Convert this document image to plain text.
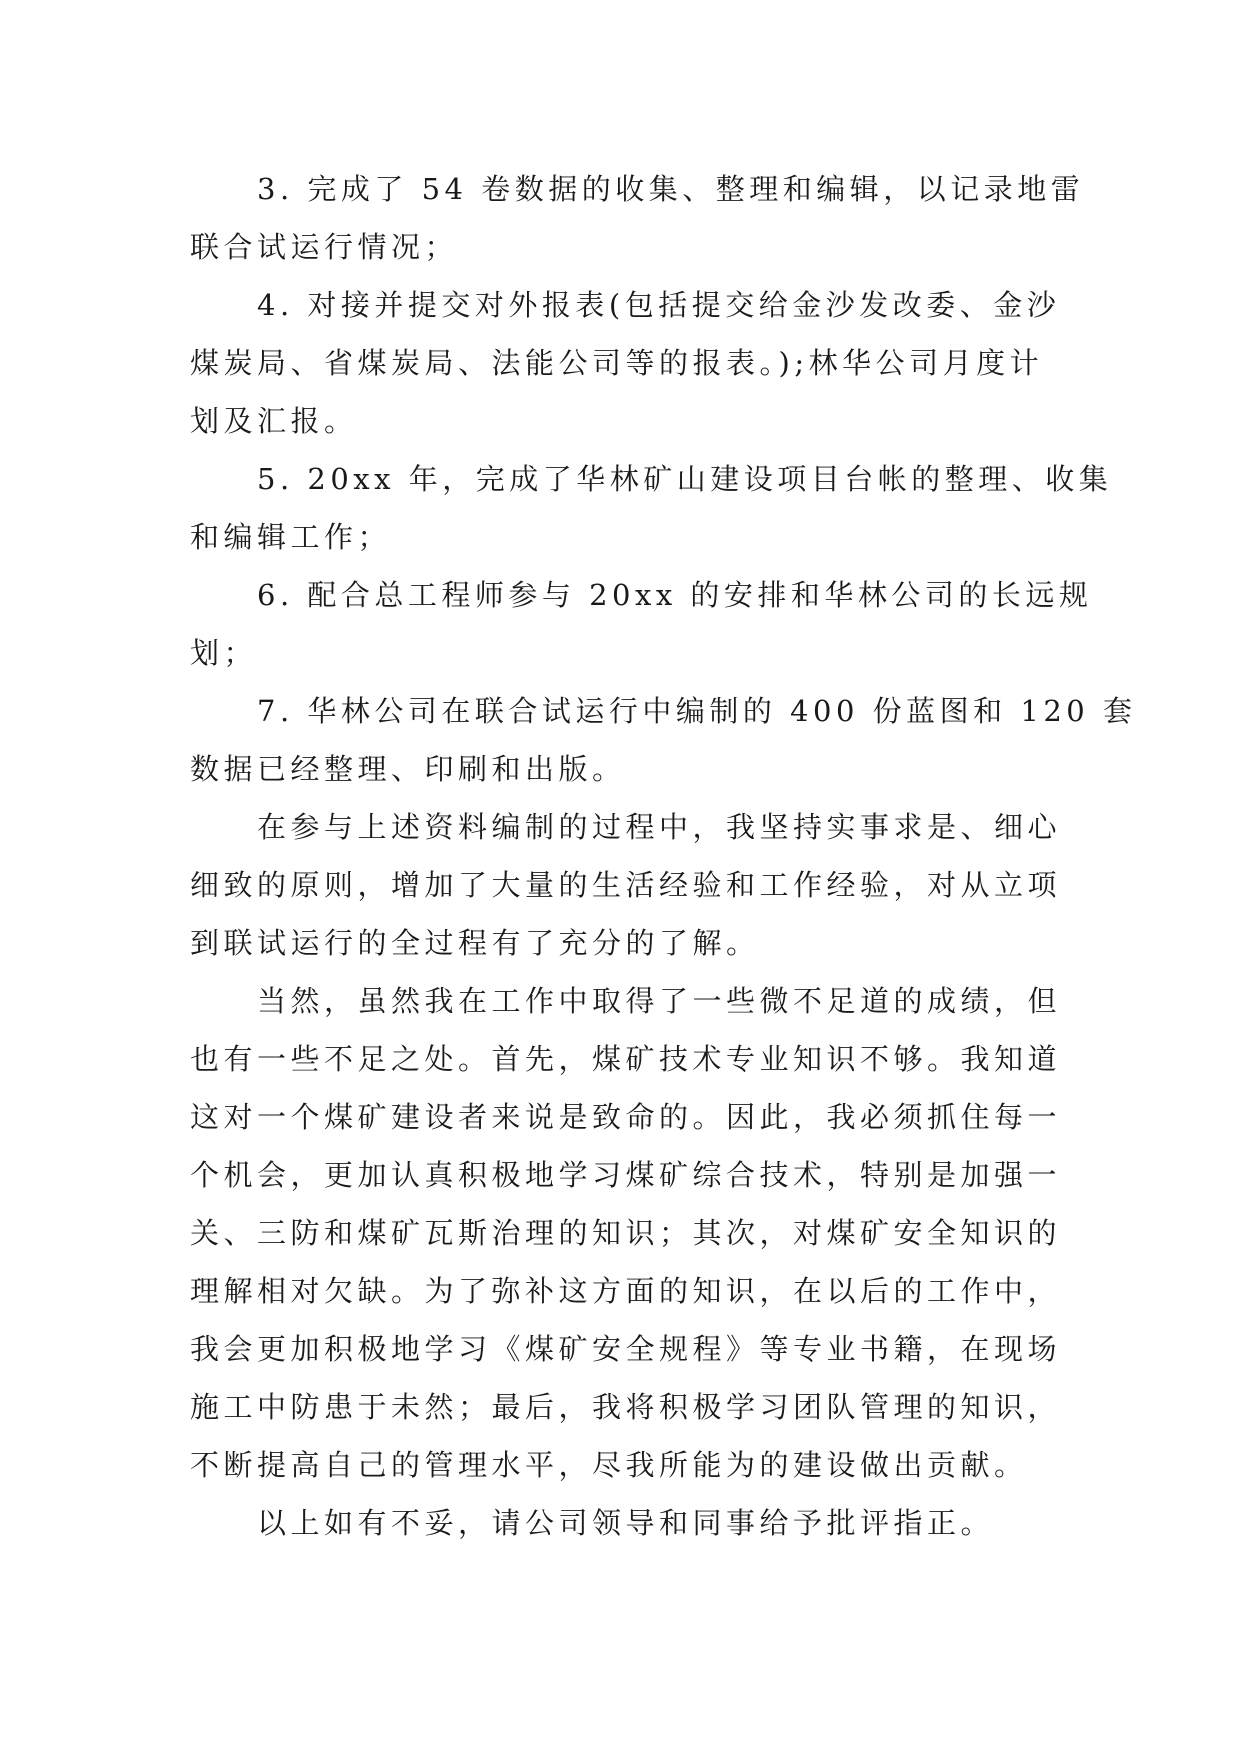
3. 完成了 54 卷数据的收集、整理和编辑，以记录地雷
联合试运行情况；
4. 对接并提交对外报表(包括提交给金沙发改委、金沙
煤炭局、省煤炭局、法能公司等的报表。);林华公司月度计
划及汇报。
5. 20xx 年，完成了华林矿山建设项目台帐的整理、收集
和编辑工作；
6. 配合总工程师参与 20xx 的安排和华林公司的长远规
划；
7. 华林公司在联合试运行中编制的 400 份蓝图和 120 套
数据已经整理、印刷和出版。
在参与上述资料编制的过程中，我坚持实事求是、细心
细致的原则，增加了大量的生活经验和工作经验，对从立项
到联试运行的全过程有了充分的了解。
当然，虽然我在工作中取得了一些微不足道的成绩，但
也有一些不足之处。首先，煤矿技术专业知识不够。我知道
这对一个煤矿建设者来说是致命的。因此，我必须抓住每一
个机会，更加认真积极地学习煤矿综合技术，特别是加强一
关、三防和煤矿瓦斯治理的知识；其次，对煤矿安全知识的
理解相对欠缺。为了弥补这方面的知识，在以后的工作中，
我会更加积极地学习《煤矿安全规程》等专业书籍，在现场
施工中防患于未然；最后，我将积极学习团队管理的知识，
不断提高自己的管理水平，尽我所能为的建设做出贡献。
以上如有不妥，请公司领导和同事给予批评指正。
